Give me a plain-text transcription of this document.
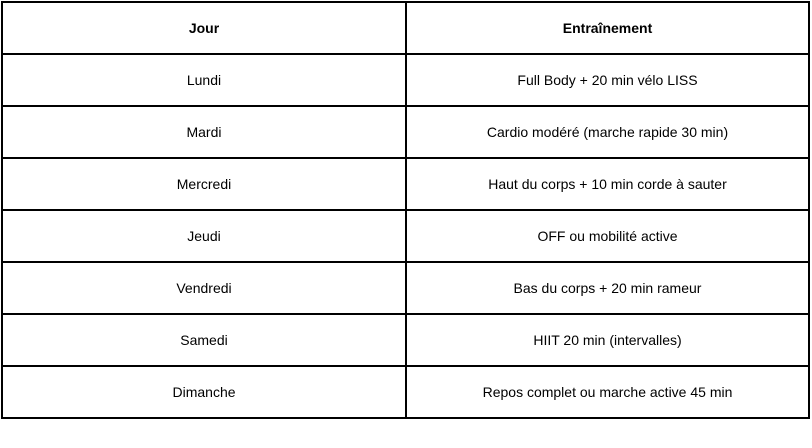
Jour	Entraînement
Lundi	Full Body + 20 min vélo LISS
Mardi	Cardio modéré (marche rapide 30 min)
Mercredi	Haut du corps + 10 min corde à sauter
Jeudi	OFF ou mobilité active
Vendredi	Bas du corps + 20 min rameur
Samedi	HIIT 20 min (intervalles)
Dimanche	Repos complet ou marche active 45 min
